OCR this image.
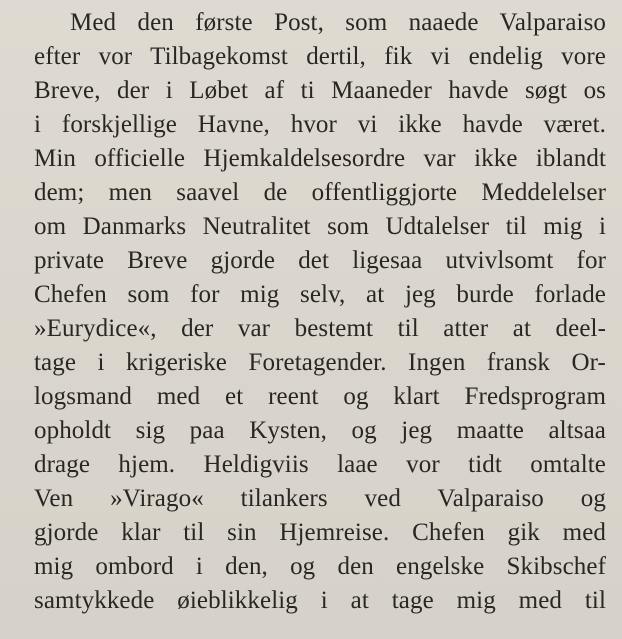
Med den første Post, som naaede Valparaiso
efter vor Tilbagekomst dertil, fik vi endelig vore
Breve, der i Løbet af ti Maaneder havde søgt os
i forskjellige Havne, hvor vi ikke havde været.
Min officielle Hjemkaldelsesordre var ikke iblandt
dem; men saavel de offentliggjorte Meddelelser
om Danmarks Neutralitet som Udtalelser til mig i
private Breve gjorde det ligesaa utvivlsomt for
Chefen som for mig selv, at jeg burde forlade
»Eurydice«, der var bestemt til atter at deel-
tage i krigeriske Foretagender. Ingen fransk Or-
logsmand med et reent og klart Fredsprogram
opholdt sig paa Kysten, og jeg maatte altsaa
drage hjem. Heldigviis laae vor tidt omtalte
Ven »Virago« tilankers ved Valparaiso og
gjorde klar til sin Hjemreise. Chefen gik med
mig ombord i den, og den engelske Skibschef
samtykkede øieblikkelig i at tage mig med til
